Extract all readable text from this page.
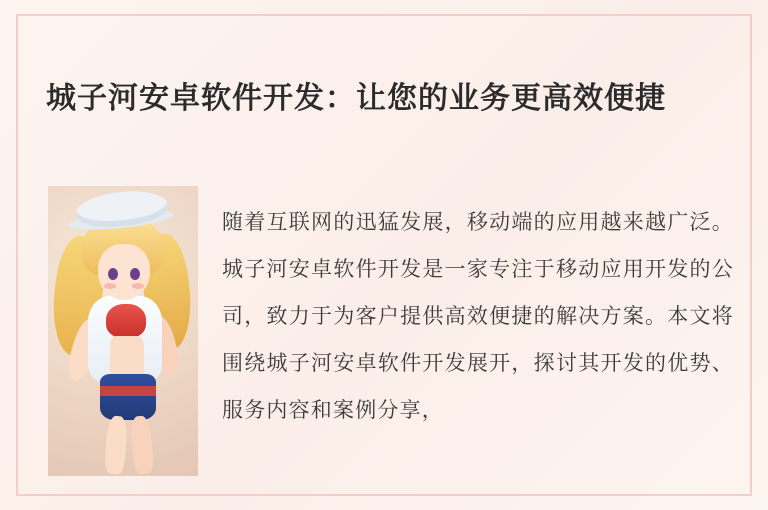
城子河安卓软件开发：让您的业务更高效便捷

随着互联网的迅猛发展，移动端的应用越来越广泛。城子河安卓软件开发是一家专注于移动应用开发的公司，致力于为客户提供高效便捷的解决方案。本文将围绕城子河安卓软件开发展开，探讨其开发的优势、服务内容和案例分享，
